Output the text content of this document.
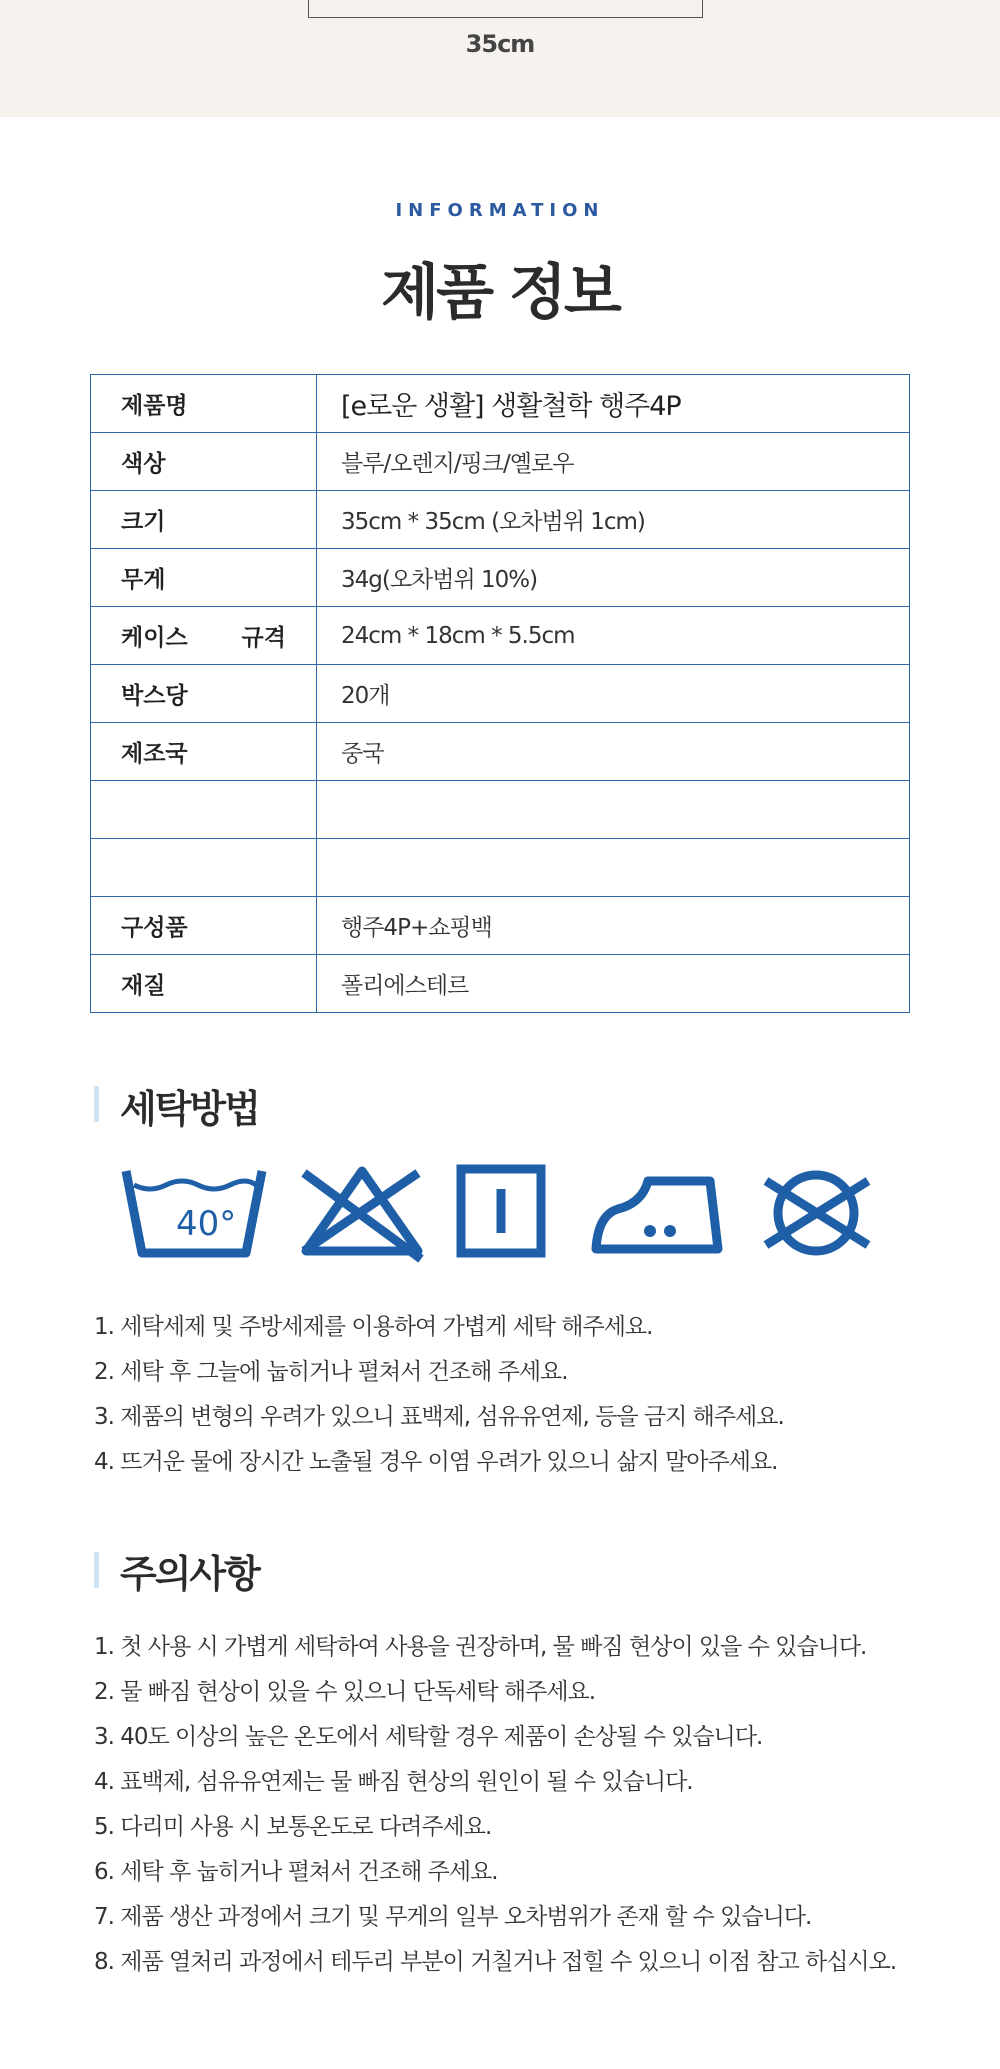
35cm
INFORMATION
제품 정보
제품명	[e로운 생활] 생활철학 행주4P
색상	블루/오렌지/핑크/옐로우
크기	35cm * 35cm (오차범위 1cm)
무게	34g(오차범위 10%)
케이스 규격	24cm * 18cm * 5.5cm
박스당	20개
제조국	중국

구성품	행주4P+쇼핑백
재질	폴리에스테르
세탁방법
40°
1. 세탁세제 및 주방세제를 이용하여 가볍게 세탁 해주세요.
2. 세탁 후 그늘에 눕히거나 펼쳐서 건조해 주세요.
3. 제품의 변형의 우려가 있으니 표백제, 섬유유연제, 등을 금지 해주세요.
4. 뜨거운 물에 장시간 노출될 경우 이염 우려가 있으니 삶지 말아주세요.
주의사항
1. 첫 사용 시 가볍게 세탁하여 사용을 권장하며, 물 빠짐 현상이 있을 수 있습니다.
2. 물 빠짐 현상이 있을 수 있으니 단독세탁 해주세요.
3. 40도 이상의 높은 온도에서 세탁할 경우 제품이 손상될 수 있습니다.
4. 표백제, 섬유유연제는 물 빠짐 현상의 원인이 될 수 있습니다.
5. 다리미 사용 시 보통온도로 다려주세요.
6. 세탁 후 눕히거나 펼쳐서 건조해 주세요.
7. 제품 생산 과정에서 크기 및 무게의 일부 오차범위가 존재 할 수 있습니다.
8. 제품 열처리 과정에서 테두리 부분이 거칠거나 접힐 수 있으니 이점 참고 하십시오.
